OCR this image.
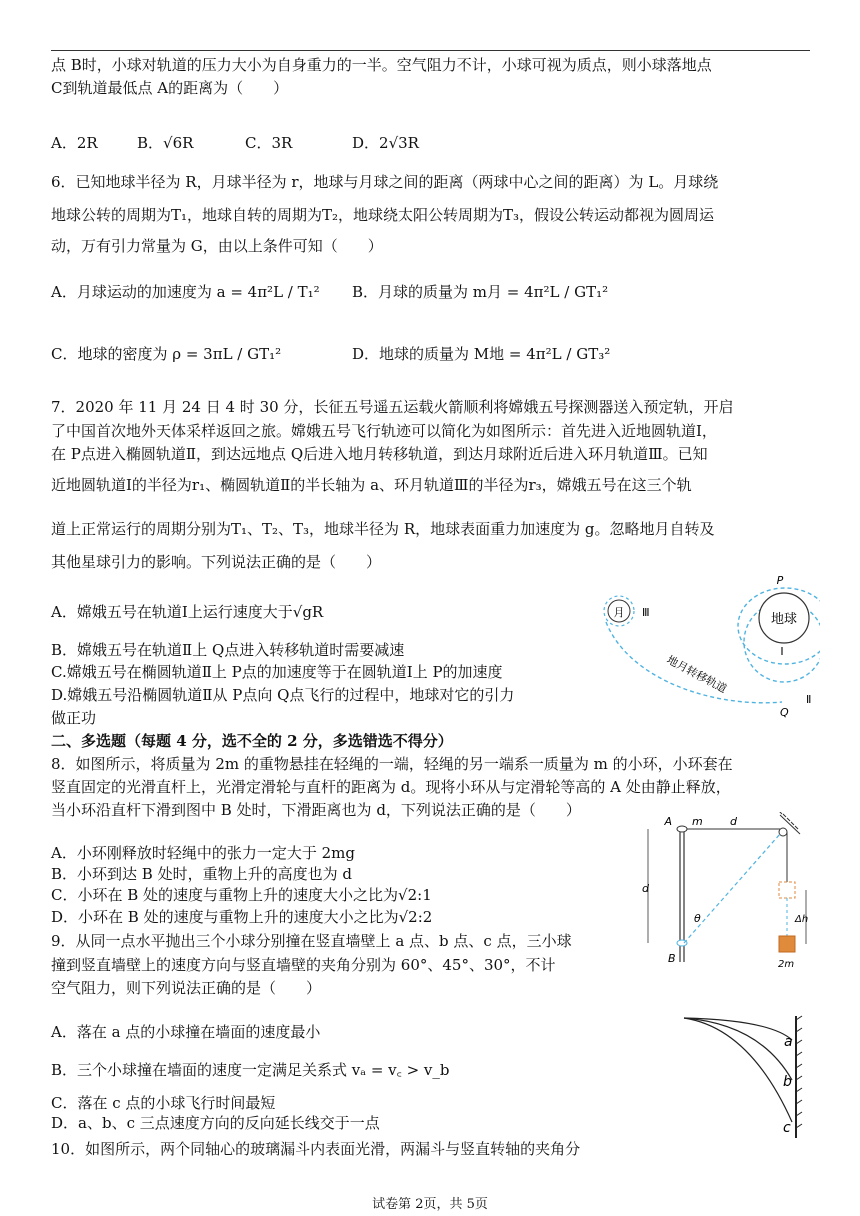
点 B时，小球对轨道的压力大小为自身重力的一半。空气阻力不计，小球可视为质点，则小球落地点
C到轨道最低点 A的距离为（　　）
A．2R	B．√6R	C．3R	D．2√3R
6．已知地球半径为 R，月球半径为 r，地球与月球之间的距离（两球中心之间的距离）为 L。月球绕
地球公转的周期为T₁，地球自转的周期为T₂，地球绕太阳公转周期为T₃，假设公转运动都视为圆周运
动，万有引力常量为 G，由以上条件可知（　　）
A．月球运动的加速度为 a = 4π²L / T₁² B．月球的质量为 m月 = 4π²L / GT₁²
C．地球的密度为 ρ = 3πL / GT₁²	D．地球的质量为 M地 = 4π²L / GT₃²
7．2020 年 11 月 24 日 4 时 30 分，长征五号遥五运载火箭顺利将嫦娥五号探测器送入预定轨，开启
了中国首次地外天体采样返回之旅。嫦娥五号飞行轨迹可以简化为如图所示：首先进入近地圆轨道Ⅰ，
在 P点进入椭圆轨道Ⅱ，到达远地点 Q后进入地月转移轨道，到达月球附近后进入环月轨道Ⅲ。已知
近地圆轨道Ⅰ的半径为r₁、椭圆轨道Ⅱ的半长轴为 a、环月轨道Ⅲ的半径为r₃，嫦娥五号在这三个轨
道上正常运行的周期分别为T₁、T₂、T₃，地球半径为 R，地球表面重力加速度为 g。忽略地月自转及
其他星球引力的影响。下列说法正确的是（　　）
A．嫦娥五号在轨道Ⅰ上运行速度大于√gR
B．嫦娥五号在轨道Ⅱ上 Q点进入转移轨道时需要减速
C.嫦娥五号在椭圆轨道Ⅱ上 P点的加速度等于在圆轨道Ⅰ上 P的加速度
D.嫦娥五号沿椭圆轨道Ⅱ从 P点向 Q点飞行的过程中，地球对它的引力
做正功
地球
P
Ⅰ
月 Ⅲ
地月转移轨道
Q
Ⅱ
二、多选题（每题 4 分，选不全的 2 分，多选错选不得分）
8．如图所示，将质量为 2m 的重物悬挂在轻绳的一端，轻绳的另一端系一质量为 m 的小环，小环套在
竖直固定的光滑直杆上，光滑定滑轮与直杆的距离为 d。现将小环从与定滑轮等高的 A 处由静止释放，
当小环沿直杆下滑到图中 B 处时，下滑距离也为 d，下列说法正确的是（　　）
A．小环刚释放时轻绳中的张力一定大于 2mg
B．小环到达 B 处时，重物上升的高度也为 d
C．小环在 B 处的速度与重物上升的速度大小之比为√2:1
D．小环在 B 处的速度与重物上升的速度大小之比为√2:2
A m d
d
θ
B
Δh
2m
9．从同一点水平抛出三个小球分别撞在竖直墙壁上 a 点、b 点、c 点，三小球
撞到竖直墙壁上的速度方向与竖直墙壁的夹角分别为 60°、45°、30°，不计
空气阻力，则下列说法正确的是（　　）
A．落在 a 点的小球撞在墙面的速度最小
B．三个小球撞在墙面的速度一定满足关系式 vₐ = v꜀ > v_b
C．落在 c 点的小球飞行时间最短
D．a、b、c 三点速度方向的反向延长线交于一点
a
b
c
10．如图所示，两个同轴心的玻璃漏斗内表面光滑，两漏斗与竖直转轴的夹角分
试卷第 2页，共 5页
